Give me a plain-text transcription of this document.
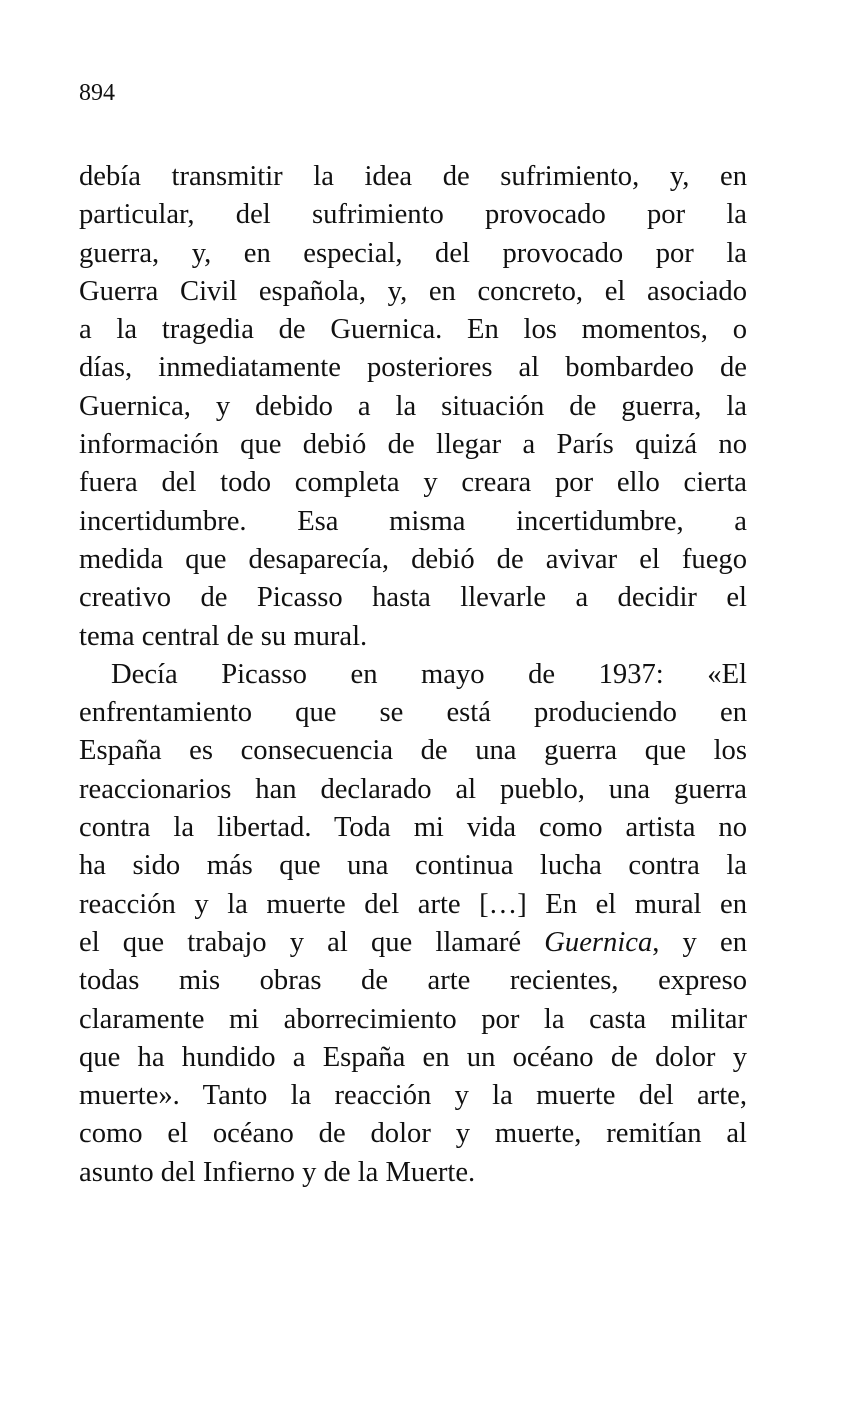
894

debía transmitir la idea de sufrimiento, y, en
particular, del sufrimiento provocado por la
guerra, y, en especial, del provocado por la
Guerra Civil española, y, en concreto, el asociado
a la tragedia de Guernica. En los momentos, o
días, inmediatamente posteriores al bombardeo de
Guernica, y debido a la situación de guerra, la
información que debió de llegar a París quizá no
fuera del todo completa y creara por ello cierta
incertidumbre. Esa misma incertidumbre, a
medida que desaparecía, debió de avivar el fuego
creativo de Picasso hasta llevarle a decidir el
tema central de su mural.
Decía Picasso en mayo de 1937: «El
enfrentamiento que se está produciendo en
España es consecuencia de una guerra que los
reaccionarios han declarado al pueblo, una guerra
contra la libertad. Toda mi vida como artista no
ha sido más que una continua lucha contra la
reacción y la muerte del arte […] En el mural en
el que trabajo y al que llamaré Guernica, y en
todas mis obras de arte recientes, expreso
claramente mi aborrecimiento por la casta militar
que ha hundido a España en un océano de dolor y
muerte». Tanto la reacción y la muerte del arte,
como el océano de dolor y muerte, remitían al
asunto del Infierno y de la Muerte.
